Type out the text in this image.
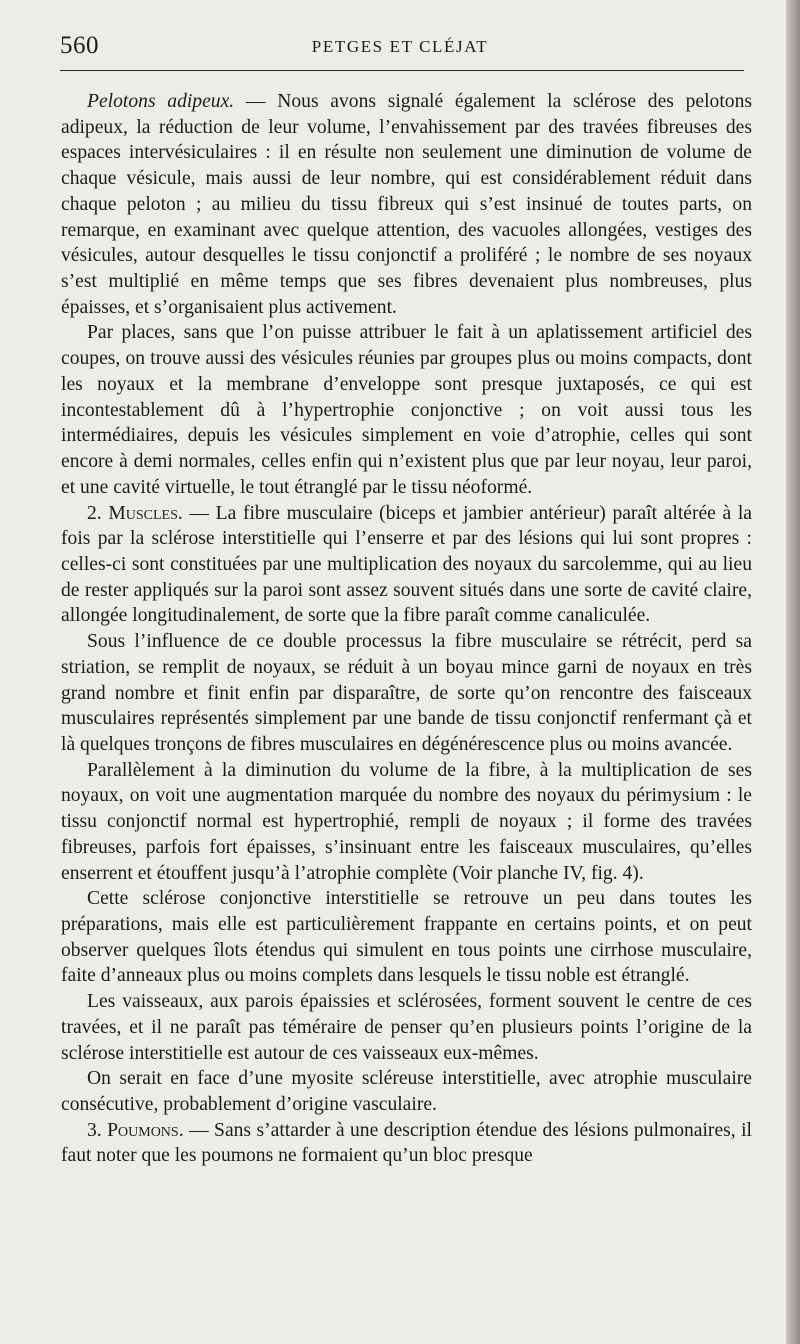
560	PETGES ET CLÉJAT

Pelotons adipeux. — Nous avons signalé également la sclérose des pelotons adipeux, la réduction de leur volume, l’envahissement par des travées fibreuses des espaces intervésiculaires : il en résulte non seulement une diminution de volume de chaque vésicule, mais aussi de leur nombre, qui est considérablement réduit dans chaque peloton ; au milieu du tissu fibreux qui s’est insinué de toutes parts, on remarque, en examinant avec quelque attention, des vacuoles allongées, vestiges des vésicules, autour desquelles le tissu conjonctif a proliféré ; le nombre de ses noyaux s’est multiplié en même temps que ses fibres devenaient plus nombreuses, plus épaisses, et s’organisaient plus activement.

Par places, sans que l’on puisse attribuer le fait à un aplatissement artificiel des coupes, on trouve aussi des vésicules réunies par groupes plus ou moins compacts, dont les noyaux et la membrane d’enveloppe sont presque juxtaposés, ce qui est incontestablement dû à l’hypertrophie conjonctive ; on voit aussi tous les intermédiaires, depuis les vésicules simplement en voie d’atrophie, celles qui sont encore à demi normales, celles enfin qui n’existent plus que par leur noyau, leur paroi, et une cavité virtuelle, le tout étranglé par le tissu néoformé.

2. Muscles. — La fibre musculaire (biceps et jambier antérieur) paraît altérée à la fois par la sclérose interstitielle qui l’enserre et par des lésions qui lui sont propres : celles-ci sont constituées par une multiplication des noyaux du sarcolemme, qui au lieu de rester appliqués sur la paroi sont assez souvent situés dans une sorte de cavité claire, allongée longitudinalement, de sorte que la fibre paraît comme canaliculée.

Sous l’influence de ce double processus la fibre musculaire se rétrécit, perd sa striation, se remplit de noyaux, se réduit à un boyau mince garni de noyaux en très grand nombre et finit enfin par disparaître, de sorte qu’on rencontre des faisceaux musculaires représentés simplement par une bande de tissu conjonctif renfermant çà et là quelques tronçons de fibres musculaires en dégénérescence plus ou moins avancée.

Parallèlement à la diminution du volume de la fibre, à la multiplication de ses noyaux, on voit une augmentation marquée du nombre des noyaux du périmysium : le tissu conjonctif normal est hypertrophié, rempli de noyaux ; il forme des travées fibreuses, parfois fort épaisses, s’insinuant entre les faisceaux musculaires, qu’elles enserrent et étouffent jusqu’à l’atrophie complète (Voir planche IV, fig. 4).

Cette sclérose conjonctive interstitielle se retrouve un peu dans toutes les préparations, mais elle est particulièrement frappante en certains points, et on peut observer quelques îlots étendus qui simulent en tous points une cirrhose musculaire, faite d’anneaux plus ou moins complets dans lesquels le tissu noble est étranglé.

Les vaisseaux, aux parois épaissies et sclérosées, forment souvent le centre de ces travées, et il ne paraît pas téméraire de penser qu’en plusieurs points l’origine de la sclérose interstitielle est autour de ces vaisseaux eux-mêmes.

On serait en face d’une myosite scléreuse interstitielle, avec atrophie musculaire consécutive, probablement d’origine vasculaire.

3. Poumons. — Sans s’attarder à une description étendue des lésions pulmonaires, il faut noter que les poumons ne formaient qu’un bloc presque
